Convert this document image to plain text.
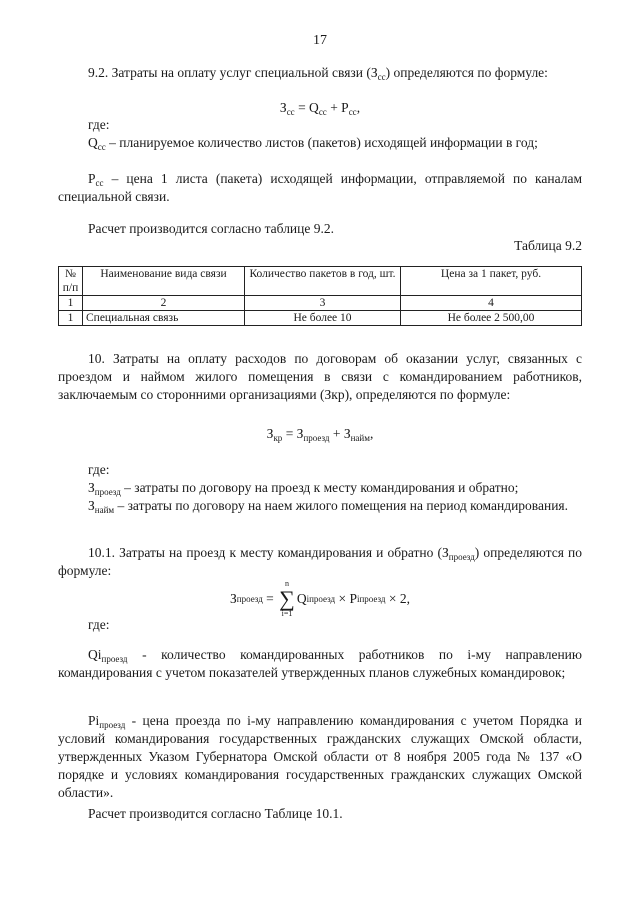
17

9.2. Затраты на оплату услуг специальной связи $(З_{сс})$ определяются по формуле:

$З_{сс} = Q_{сс} + Р_{сс}$,
где:

$Q_{сс}$ – планируемое количество листов (пакетов) исходящей информации в год;

$Р_{сс}$ – цена 1 листа (пакета) исходящей информации, отправляемой по каналам специальной связи.

Расчет производится согласно таблице 9.2.
Таблица 9.2
№ п/п	Наименование вида связи	Количество пакетов в год, шт.	Цена за 1 пакет, руб.
1	2	3	4
1	Специальная связь	Не более 10	Не более 2 500,00

10. Затраты на оплату расходов по договорам об оказании услуг, связанных с проездом и наймом жилого помещения в связи с командированием работников, заключаемым со сторонними организациями (Зкр), определяются по формуле:

$З_{кр} = З_{проезд} + З_{найм}$,
где:

$З_{проезд}$ – затраты по договору на проезд к месту командирования и обратно;

$З_{найм}$ – затраты по договору на наем жилого помещения на период командирования.

10.1. Затраты на проезд к месту командирования и обратно $(З_{проезд})$ определяются по формуле:

З проезд =
n
∑
i=1
Q iпроезд × Р iпроезд × 2,
где:

$Qi_{проезд}$ - количество командированных работников по i-му направлению командирования с учетом показателей утвержденных планов служебных командировок;

$Рi_{проезд}$ - цена проезда по i-му направлению командирования с учетом Порядка и условий командирования государственных гражданских служащих Омской области, утвержденных Указом Губернатора Омской области от 8 ноября 2005 года № 137 «О порядке и условиях командирования государственных гражданских служащих Омской области».

Расчет производится согласно Таблице 10.1.
